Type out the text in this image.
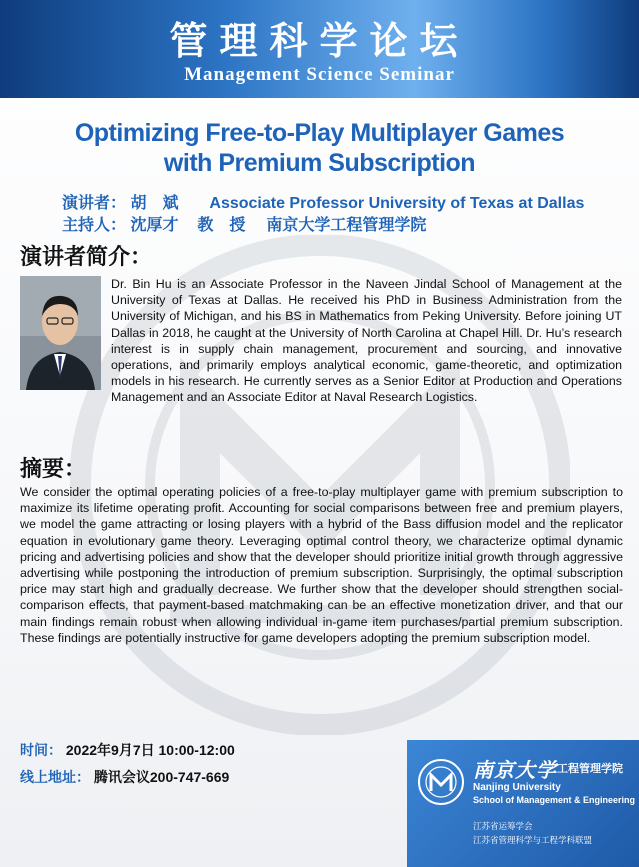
管理科学论坛
Management Science Seminar
Optimizing Free-to-Play Multiplayer Games
with Premium Subscription
演讲者： 胡　斌 Associate Professor University of Texas at Dallas
主持人： 沈厚才 教　授 南京大学工程管理学院
演讲者简介：
Dr. Bin Hu is an Associate Professor in the Naveen Jindal School of Management at the University of Texas at Dallas. He received his PhD in Business Administration from the University of Michigan, and his BS in Mathematics from Peking University. Before joining UT Dallas in 2018, he caught at the University of North Carolina at Chapel Hill. Dr. Hu’s research interest is in supply chain management, procurement and sourcing, and innovative operations, and primarily employs analytical economic, game-theoretic, and optimization models in his research. He currently serves as a Senior Editor at Production and Operations Management and an Associate Editor at Naval Research Logistics.
摘要：
We consider the optimal operating policies of a free-to-play multiplayer game with premium subscription to maximize its lifetime operating profit. Accounting for social comparisons between free and premium players, we model the game attracting or losing players with a hybrid of the Bass diffusion model and the replicator equation in evolutionary game theory. Leveraging optimal control theory, we characterize optimal dynamic pricing and advertising policies and show that the developer should prioritize initial growth through aggressive advertising while postponing the introduction of premium subscription. Surprisingly, the optimal subscription price may start high and gradually decrease. We further show that the developer should strengthen social-comparison effects, that payment-based matchmaking can be an effective monetization driver, and that our main findings remain robust when allowing individual in-game item purchases/partial premium subscription. These findings are potentially instructive for game developers adopting the premium subscription model.
时间： 2022年9月7日 10:00-12:00
线上地址： 腾讯会议200-747-669	南京大学 工程管理学院
Nanjing University
School of Management & Engineering
江苏省运筹学会
江苏省管理科学与工程学科联盟
